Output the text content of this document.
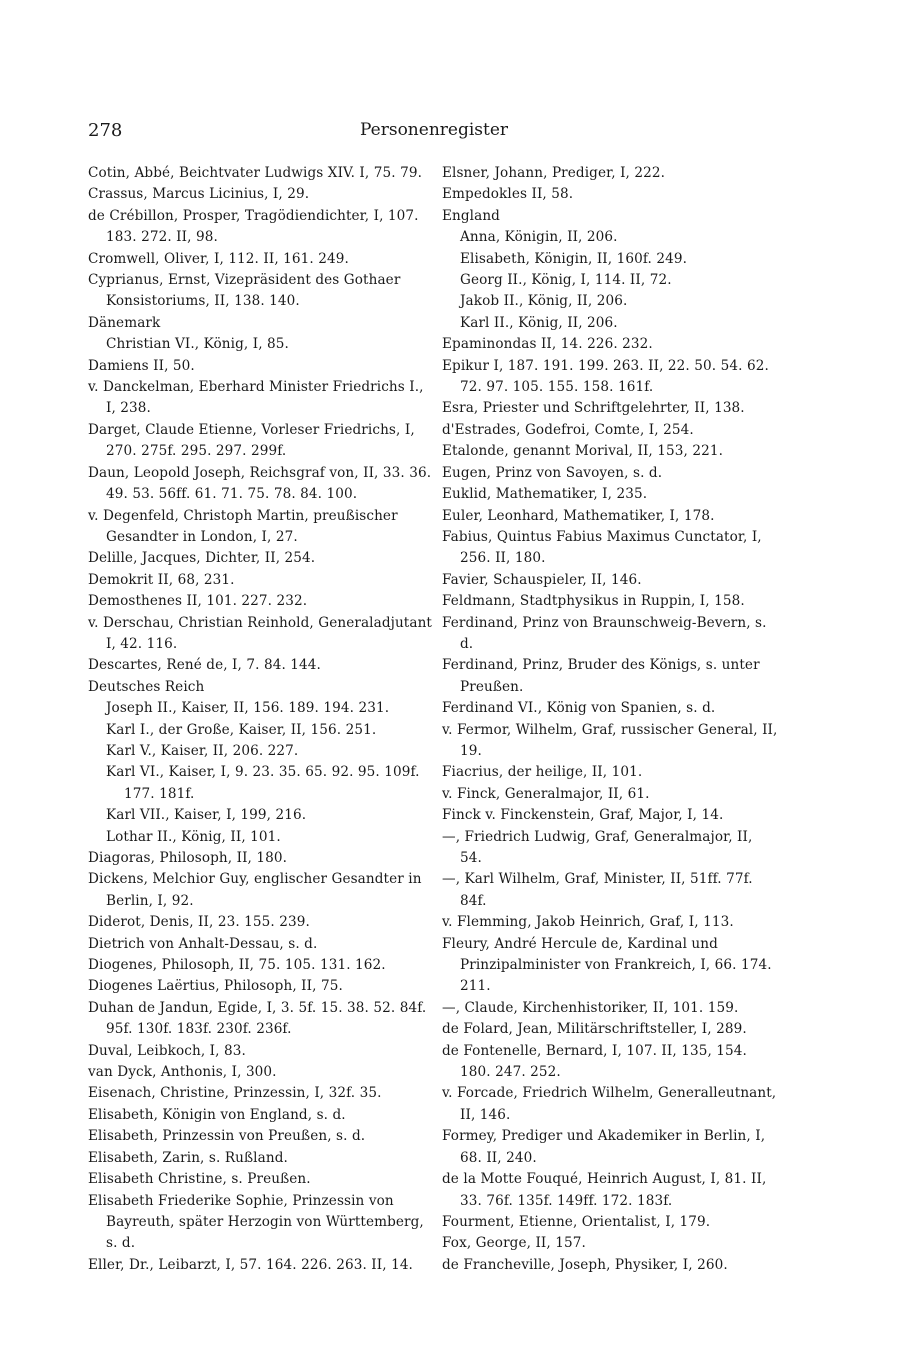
278	Personenregister

Cotin, Abbé, Beichtvater Ludwigs XIV. I, 75. 79.

Crassus, Marcus Licinius, I, 29.

de Crébillon, Prosper, Tragödiendichter, I, 107. 183. 272. II, 98.

Cromwell, Oliver, I, 112. II, 161. 249.

Cyprianus, Ernst, Vizepräsident des Gothaer Konsistoriums, II, 138. 140.

Dänemark

Christian VI., König, I, 85.

Damiens II, 50.

v. Danckelman, Eberhard Minister Friedrichs I., I, 238.

Darget, Claude Etienne, Vorleser Friedrichs, I, 270. 275f. 295. 297. 299f.

Daun, Leopold Joseph, Reichsgraf von, II, 33. 36. 49. 53. 56ff. 61. 71. 75. 78. 84. 100.

v. Degenfeld, Christoph Martin, preußischer Gesandter in London, I, 27.

Delille, Jacques, Dichter, II, 254.

Demokrit II, 68, 231.

Demosthenes II, 101. 227. 232.

v. Derschau, Christian Reinhold, Generaladjutant I, 42. 116.

Descartes, René de, I, 7. 84. 144.

Deutsches Reich

Joseph II., Kaiser, II, 156. 189. 194. 231.

Karl I., der Große, Kaiser, II, 156. 251.

Karl V., Kaiser, II, 206. 227.

Karl VI., Kaiser, I, 9. 23. 35. 65. 92. 95. 109f. 177. 181f.

Karl VII., Kaiser, I, 199, 216.

Lothar II., König, II, 101.

Diagoras, Philosoph, II, 180.

Dickens, Melchior Guy, englischer Gesandter in Berlin, I, 92.

Diderot, Denis, II, 23. 155. 239.

Dietrich von Anhalt-Dessau, s. d.

Diogenes, Philosoph, II, 75. 105. 131. 162.

Diogenes Laërtius, Philosoph, II, 75.

Duhan de Jandun, Egide, I, 3. 5f. 15. 38. 52. 84f. 95f. 130f. 183f. 230f. 236f.

Duval, Leibkoch, I, 83.

van Dyck, Anthonis, I, 300.

Eisenach, Christine, Prinzessin, I, 32f. 35.

Elisabeth, Königin von England, s. d.

Elisabeth, Prinzessin von Preußen, s. d.

Elisabeth, Zarin, s. Rußland.

Elisabeth Christine, s. Preußen.

Elisabeth Friederike Sophie, Prinzessin von Bayreuth, später Herzogin von Württemberg, s. d.

Eller, Dr., Leibarzt, I, 57. 164. 226. 263. II, 14.

Elsner, Johann, Prediger, I, 222.

Empedokles II, 58.

England

Anna, Königin, II, 206.

Elisabeth, Königin, II, 160f. 249.

Georg II., König, I, 114. II, 72.

Jakob II., König, II, 206.

Karl II., König, II, 206.

Epaminondas II, 14. 226. 232.

Epikur I, 187. 191. 199. 263. II, 22. 50. 54. 62. 72. 97. 105. 155. 158. 161f.

Esra, Priester und Schriftgelehrter, II, 138.

d'Estrades, Godefroi, Comte, I, 254.

Etalonde, genannt Morival, II, 153, 221.

Eugen, Prinz von Savoyen, s. d.

Euklid, Mathematiker, I, 235.

Euler, Leonhard, Mathematiker, I, 178.

Fabius, Quintus Fabius Maximus Cunctator, I, 256. II, 180.

Favier, Schauspieler, II, 146.

Feldmann, Stadtphysikus in Ruppin, I, 158.

Ferdinand, Prinz von Braunschweig-Bevern, s. d.

Ferdinand, Prinz, Bruder des Königs, s. unter Preußen.

Ferdinand VI., König von Spanien, s. d.

v. Fermor, Wilhelm, Graf, russischer General, II, 19.

Fiacrius, der heilige, II, 101.

v. Finck, Generalmajor, II, 61.

Finck v. Finckenstein, Graf, Major, I, 14.

—, Friedrich Ludwig, Graf, Generalmajor, II, 54.

—, Karl Wilhelm, Graf, Minister, II, 51ff. 77f. 84f.

v. Flemming, Jakob Heinrich, Graf, I, 113.

Fleury, André Hercule de, Kardinal und Prinzipalminister von Frankreich, I, 66. 174. 211.

—, Claude, Kirchenhistoriker, II, 101. 159.

de Folard, Jean, Militärschriftsteller, I, 289.

de Fontenelle, Bernard, I, 107. II, 135, 154. 180. 247. 252.

v. Forcade, Friedrich Wilhelm, Generalleutnant, II, 146.

Formey, Prediger und Akademiker in Berlin, I, 68. II, 240.

de la Motte Fouqué, Heinrich August, I, 81. II, 33. 76f. 135f. 149ff. 172. 183f.

Fourment, Etienne, Orientalist, I, 179.

Fox, George, II, 157.

de Francheville, Joseph, Physiker, I, 260.
